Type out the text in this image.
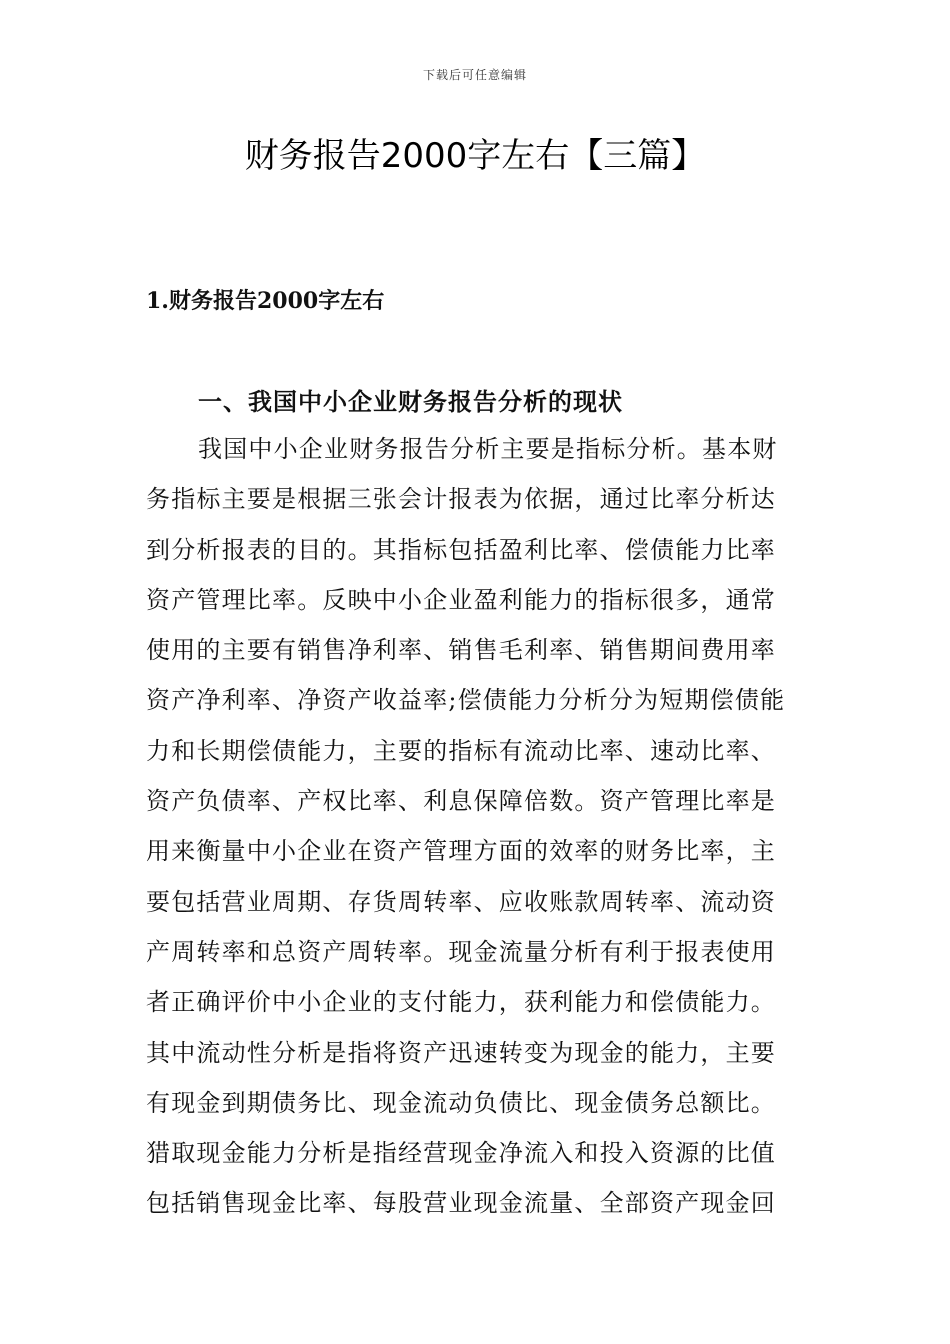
下载后可任意编辑
财务报告2000字左右【三篇】
1.财务报告2000字左右
一、我国中小企业财务报告分析的现状
我国中小企业财务报告分析主要是指标分析。基本财
务指标主要是根据三张会计报表为依据，通过比率分析达
到分析报表的目的。其指标包括盈利比率、偿债能力比率
资产管理比率。反映中小企业盈利能力的指标很多，通常
使用的主要有销售净利率、销售毛利率、销售期间费用率
资产净利率、净资产收益率;偿债能力分析分为短期偿债能
力和长期偿债能力，主要的指标有流动比率、速动比率、
资产负债率、产权比率、利息保障倍数。资产管理比率是
用来衡量中小企业在资产管理方面的效率的财务比率，主
要包括营业周期、存货周转率、应收账款周转率、流动资
产周转率和总资产周转率。现金流量分析有利于报表使用
者正确评价中小企业的支付能力，获利能力和偿债能力。
其中流动性分析是指将资产迅速转变为现金的能力，主要
有现金到期债务比、现金流动负债比、现金债务总额比。
猎取现金能力分析是指经营现金净流入和投入资源的比值
包括销售现金比率、每股营业现金流量、全部资产现金回
